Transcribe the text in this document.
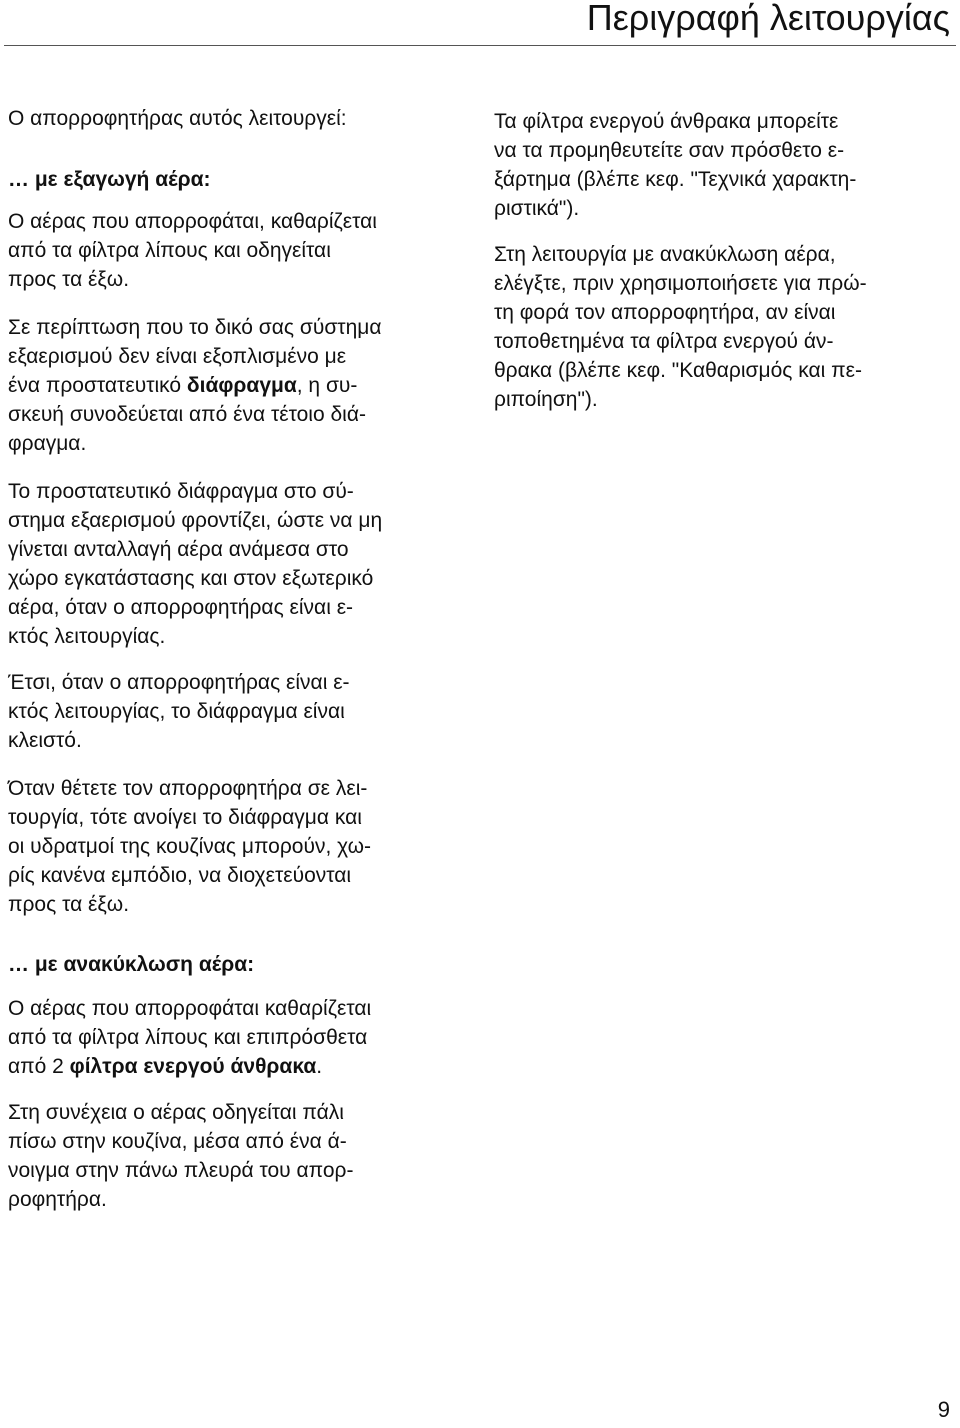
Περιγραφή λειτουργίας

Ο απορροφητήρας αυτός λειτουργεί:

… με εξαγωγή αέρα:

Ο αέρας που απορροφάται, καθαρίζεται
από τα φίλτρα λίπους και οδηγείται
προς τα έξω.

Σε περίπτωση που το δικό σας σύστημα
εξαερισμού δεν είναι εξοπλισμένο με
ένα προστατευτικό διάφραγμα, η συ-
σκευή συνοδεύεται από ένα τέτοιο διά-
φραγμα.

Το προστατευτικό διάφραγμα στο σύ-
στημα εξαερισμού φροντίζει, ώστε να μη
γίνεται ανταλλαγή αέρα ανάμεσα στο
χώρο εγκατάστασης και στον εξωτερικό
αέρα, όταν ο απορροφητήρας είναι ε-
κτός λειτουργίας.

Έτσι, όταν ο απορροφητήρας είναι ε-
κτός λειτουργίας, το διάφραγμα είναι
κλειστό.

Όταν θέτετε τον απορροφητήρα σε λει-
τουργία, τότε ανοίγει το διάφραγμα και
οι υδρατμοί της κουζίνας μπορούν, χω-
ρίς κανένα εμπόδιο, να διοχετεύονται
προς τα έξω.

… με ανακύκλωση αέρα:

Ο αέρας που απορροφάται καθαρίζεται
από τα φίλτρα λίπους και επιπρόσθετα
από 2 φίλτρα ενεργού άνθρακα.

Στη συνέχεια ο αέρας οδηγείται πάλι
πίσω στην κουζίνα, μέσα από ένα ά-
νοιγμα στην πάνω πλευρά του απορ-
ροφητήρα.

Τα φίλτρα ενεργού άνθρακα μπορείτε
να τα προμηθευτείτε σαν πρόσθετο ε-
ξάρτημα (βλέπε κεφ. "Τεχνικά χαρακτη-
ριστικά").

Στη λειτουργία με ανακύκλωση αέρα,
ελέγξτε, πριν χρησιμοποιήσετε για πρώ-
τη φορά τον απορροφητήρα, αν είναι
τοποθετημένα τα φίλτρα ενεργού άν-
θρακα (βλέπε κεφ. "Καθαρισμός και πε-
ριποίηση").

9
